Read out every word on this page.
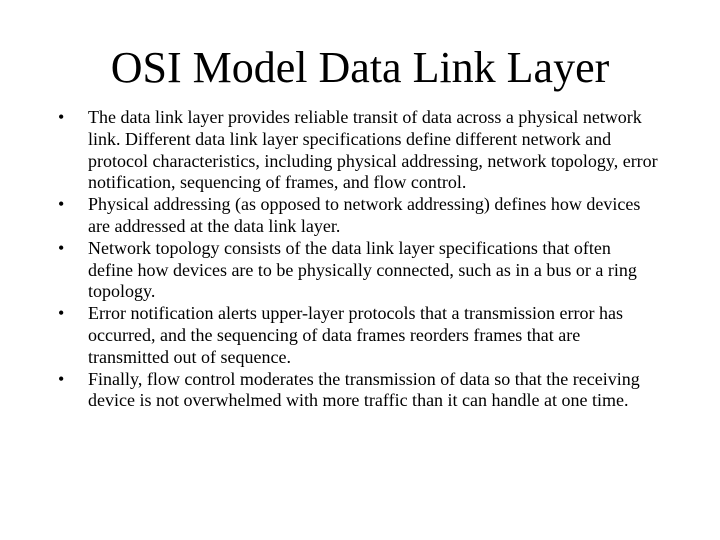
OSI Model Data Link Layer
•	The data link layer provides reliable transit of data across a physical network link. Different data link layer specifications define different network and protocol characteristics, including physical addressing, network topology, error notification, sequencing of frames, and flow control.
•	Physical addressing (as opposed to network addressing) defines how devices are addressed at the data link layer.
•	Network topology consists of the data link layer specifications that often define how devices are to be physically connected, such as in a bus or a ring topology.
•	Error notification alerts upper-layer protocols that a transmission error has occurred, and the sequencing of data frames reorders frames that are transmitted out of sequence.
•	Finally, flow control moderates the transmission of data so that the receiving device is not overwhelmed with more traffic than it can handle at one time.
